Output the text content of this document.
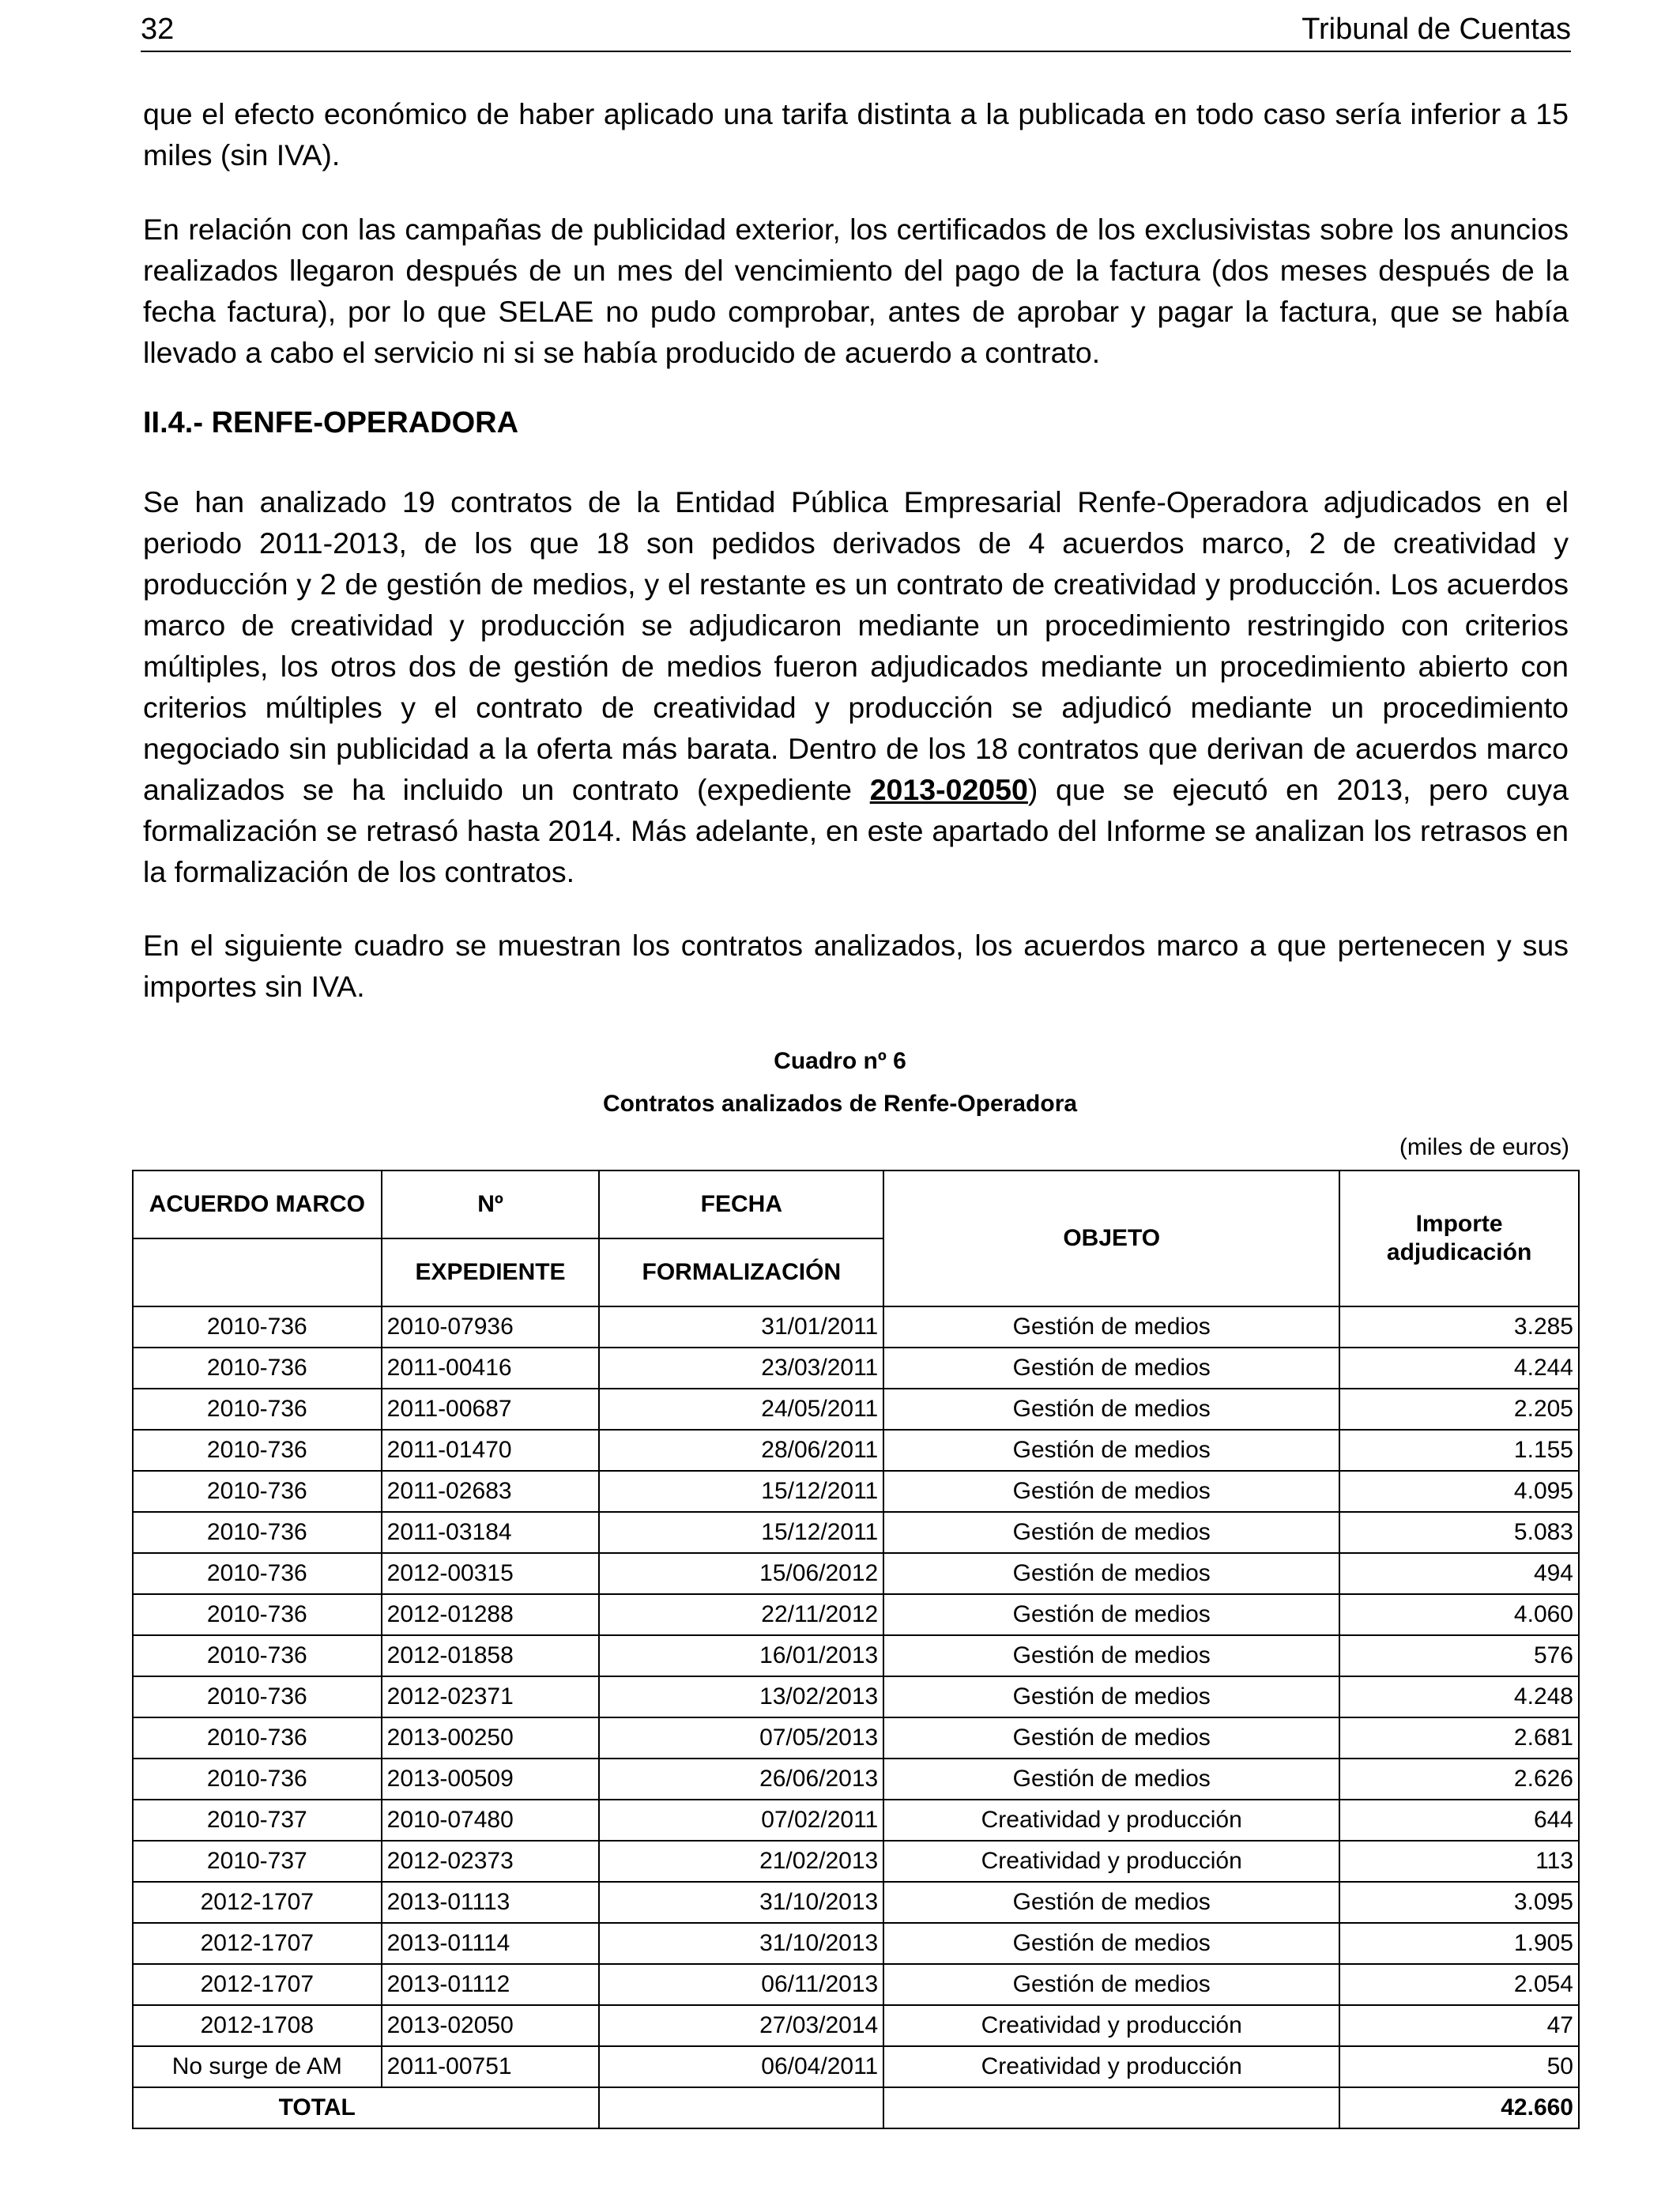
32	Tribunal de Cuentas

que el efecto económico de haber aplicado una tarifa distinta a la publicada en todo caso sería inferior a 15 miles (sin IVA).

En relación con las campañas de publicidad exterior, los certificados de los exclusivistas sobre los anuncios realizados llegaron después de un mes del vencimiento del pago de la factura (dos meses después de la fecha factura), por lo que SELAE no pudo comprobar, antes de aprobar y pagar la factura, que se había llevado a cabo el servicio ni si se había producido de acuerdo a contrato.

II.4.- RENFE-OPERADORA

Se han analizado 19 contratos de la Entidad Pública Empresarial Renfe-Operadora adjudicados en el periodo 2011-2013, de los que 18 son pedidos derivados de 4 acuerdos marco, 2 de creatividad y producción y 2 de gestión de medios, y el restante es un contrato de creatividad y producción. Los acuerdos marco de creatividad y producción se adjudicaron mediante un procedimiento restringido con criterios múltiples, los otros dos de gestión de medios fueron adjudicados mediante un procedimiento abierto con criterios múltiples y el contrato de creatividad y producción se adjudicó mediante un procedimiento negociado sin publicidad a la oferta más barata. Dentro de los 18 contratos que derivan de acuerdos marco analizados se ha incluido un contrato (expediente 2013-02050) que se ejecutó en 2013, pero cuya formalización se retrasó hasta 2014. Más adelante, en este apartado del Informe se analizan los retrasos en la formalización de los contratos.

En el siguiente cuadro se muestran los contratos analizados, los acuerdos marco a que pertenecen y sus importes sin IVA.

Cuadro nº 6

Contratos analizados de Renfe-Operadora

(miles de euros)
ACUERDO MARCO	Nº	FECHA	OBJETO	Importe adjudicación
	EXPEDIENTE	FORMALIZACIÓN		
2010-736	2010-07936	31/01/2011	Gestión de medios	3.285
2010-736	2011-00416	23/03/2011	Gestión de medios	4.244
2010-736	2011-00687	24/05/2011	Gestión de medios	2.205
2010-736	2011-01470	28/06/2011	Gestión de medios	1.155
2010-736	2011-02683	15/12/2011	Gestión de medios	4.095
2010-736	2011-03184	15/12/2011	Gestión de medios	5.083
2010-736	2012-00315	15/06/2012	Gestión de medios	494
2010-736	2012-01288	22/11/2012	Gestión de medios	4.060
2010-736	2012-01858	16/01/2013	Gestión de medios	576
2010-736	2012-02371	13/02/2013	Gestión de medios	4.248
2010-736	2013-00250	07/05/2013	Gestión de medios	2.681
2010-736	2013-00509	26/06/2013	Gestión de medios	2.626
2010-737	2010-07480	07/02/2011	Creatividad y producción	644
2010-737	2012-02373	21/02/2013	Creatividad y producción	113
2012-1707	2013-01113	31/10/2013	Gestión de medios	3.095
2012-1707	2013-01114	31/10/2013	Gestión de medios	1.905
2012-1707	2013-01112	06/11/2013	Gestión de medios	2.054
2012-1708	2013-02050	27/03/2014	Creatividad y producción	47
No surge de AM	2011-00751	06/04/2011	Creatividad y producción	50
TOTAL				42.660
